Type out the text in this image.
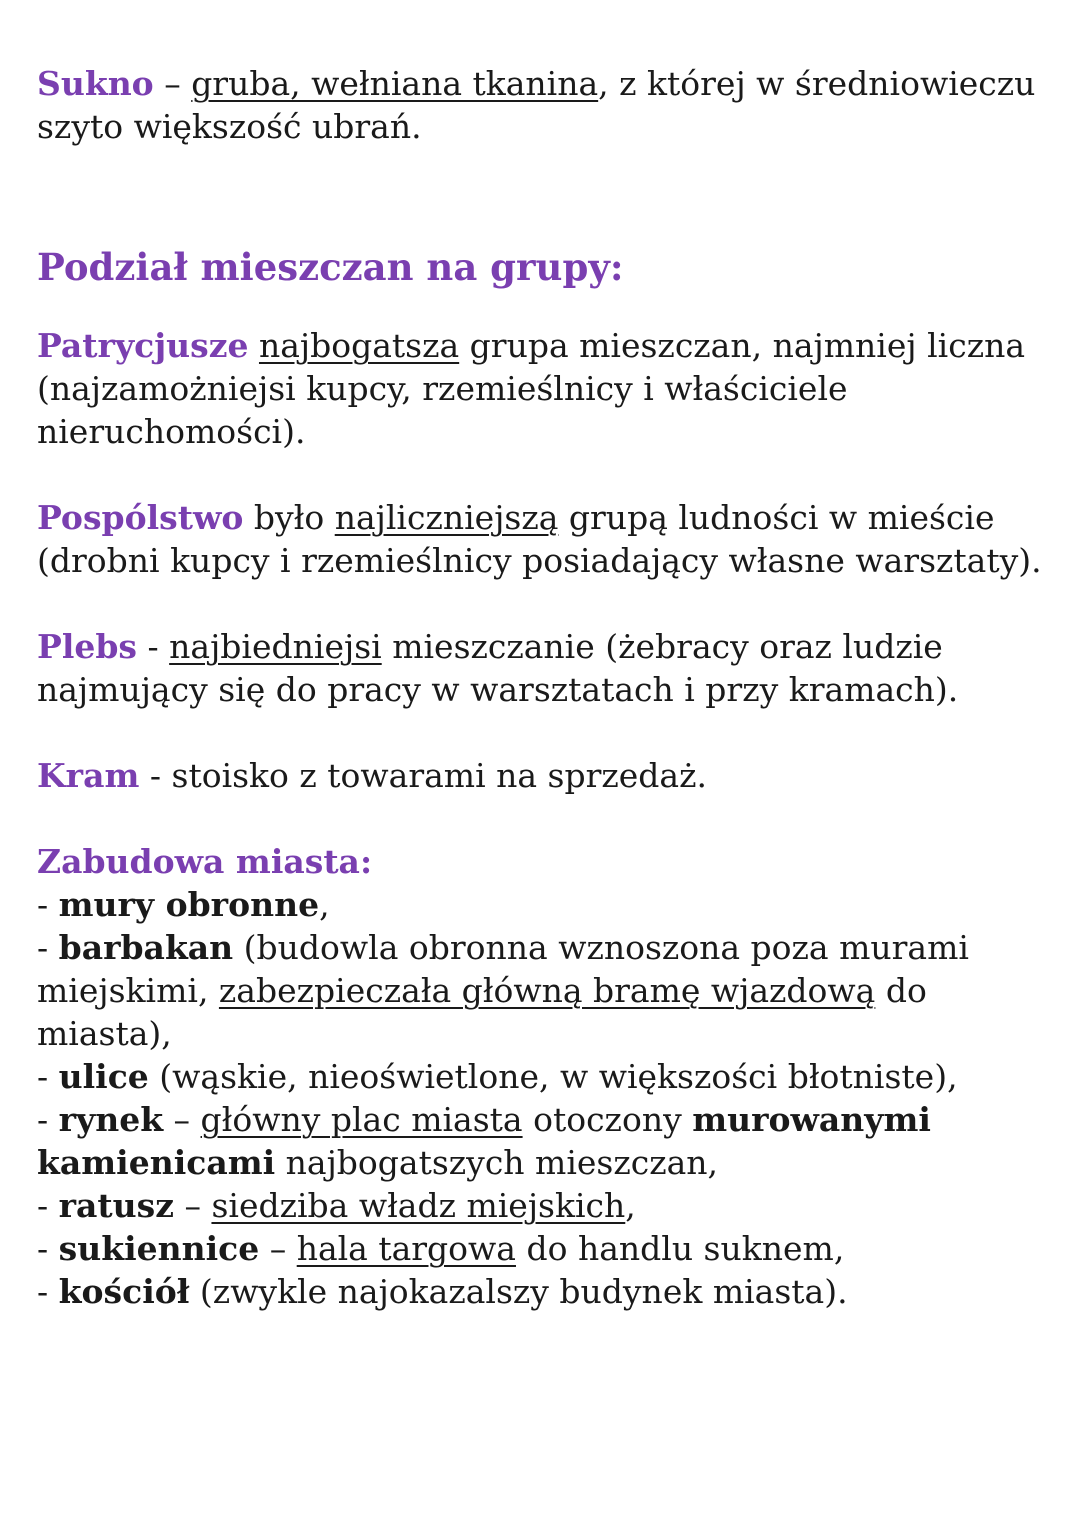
Sukno – gruba, wełniana tkanina, z której w średniowieczu szyto większość ubrań.

Podział mieszczan na grupy:

Patrycjusze najbogatsza grupa mieszczan, najmniej liczna (najzamożniejsi kupcy, rzemieślnicy i właściciele nieruchomości).

Pospólstwo było najliczniejszą grupą ludności w mieście (drobni kupcy i rzemieślnicy posiadający własne warsztaty).

Plebs - najbiedniejsi mieszczanie (żebracy oraz ludzie najmujący się do pracy w warsztatach i przy kramach).

Kram - stoisko z towarami na sprzedaż.

Zabudowa miasta:
- mury obronne,
- barbakan (budowla obronna wznoszona poza murami miejskimi, zabezpieczała główną bramę wjazdową do miasta),
- ulice (wąskie, nieoświetlone, w większości błotniste),
- rynek – główny plac miasta otoczony murowanymi kamienicami najbogatszych mieszczan,
- ratusz – siedziba władz miejskich,
- sukiennice – hala targowa do handlu suknem,
- kościół (zwykle najokazalszy budynek miasta).
